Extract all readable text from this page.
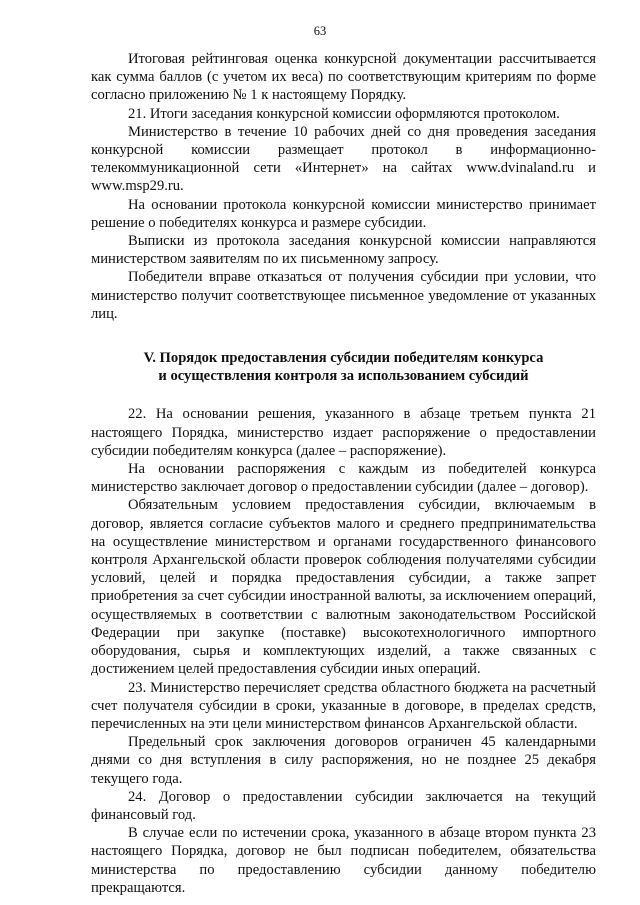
63

Итоговая рейтинговая оценка конкурсной документации рассчитывается как сумма баллов (с учетом их веса) по соответствующим критериям по форме согласно приложению № 1 к настоящему Порядку.

21. Итоги заседания конкурсной комиссии оформляются протоколом.

Министерство в течение 10 рабочих дней со дня проведения заседания конкурсной комиссии размещает протокол в информационно-телекоммуникационной сети «Интернет» на сайтах www.dvinaland.ru и www.msp29.ru.

На основании протокола конкурсной комиссии министерство принимает решение о победителях конкурса и размере субсидии.

Выписки из протокола заседания конкурсной комиссии направляются министерством заявителям по их письменному запросу.

Победители вправе отказаться от получения субсидии при условии, что министерство получит соответствующее письменное уведомление от указанных лиц.

V. Порядок предоставления субсидии победителям конкурса
и осуществления контроля за использованием субсидий

22. На основании решения, указанного в абзаце третьем пункта 21 настоящего Порядка, министерство издает распоряжение о предоставлении субсидии победителям конкурса (далее – распоряжение).

На основании распоряжения с каждым из победителей конкурса министерство заключает договор о предоставлении субсидии (далее – договор).

Обязательным условием предоставления субсидии, включаемым в договор, является согласие субъектов малого и среднего предпринимательства на осуществление министерством и органами государственного финансового контроля Архангельской области проверок соблюдения получателями субсидии условий, целей и порядка предоставления субсидии, а также запрет приобретения за счет субсидии иностранной валюты, за исключением операций, осуществляемых в соответствии с валютным законодательством Российской Федерации при закупке (поставке) высокотехнологичного импортного оборудования, сырья и комплектующих изделий, а также связанных с достижением целей предоставления субсидии иных операций.

23. Министерство перечисляет средства областного бюджета на расчетный счет получателя субсидии в сроки, указанные в договоре, в пределах средств, перечисленных на эти цели министерством финансов Архангельской области.

Предельный срок заключения договоров ограничен 45 календарными днями со дня вступления в силу распоряжения, но не позднее 25 декабря текущего года.

24. Договор о предоставлении субсидии заключается на текущий финансовый год.

В случае если по истечении срока, указанного в абзаце втором пункта 23 настоящего Порядка, договор не был подписан победителем, обязательства министерства по предоставлению субсидии данному победителю прекращаются.
